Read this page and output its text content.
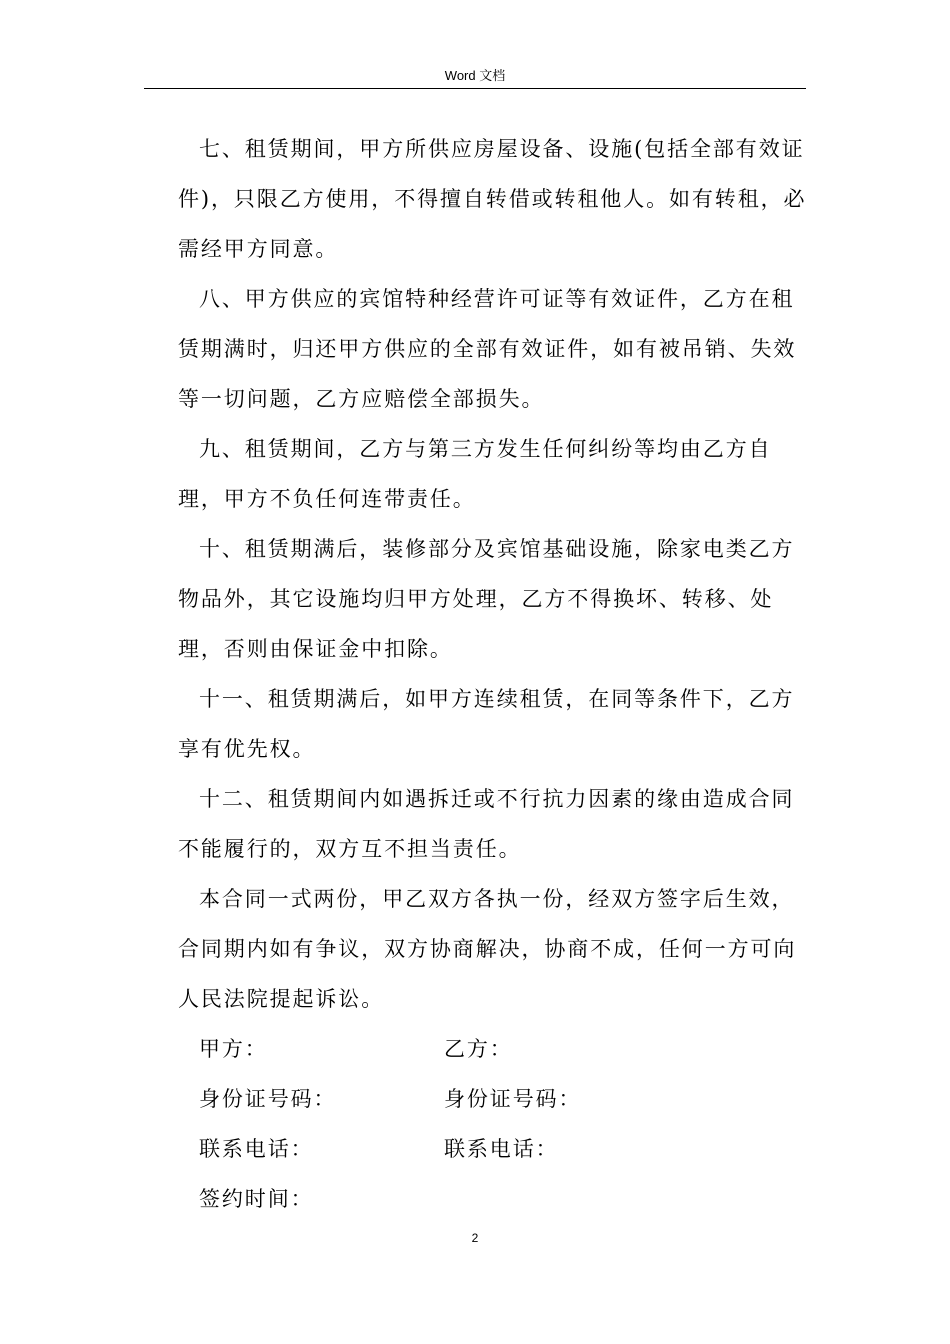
Word 文档

七、租赁期间，甲方所供应房屋设备、设施(包括全部有效证件)，只限乙方使用，不得擅自转借或转租他人。如有转租，必需经甲方同意。

八、甲方供应的宾馆特种经营许可证等有效证件，乙方在租赁期满时，归还甲方供应的全部有效证件，如有被吊销、失效等一切问题，乙方应赔偿全部损失。

九、租赁期间，乙方与第三方发生任何纠纷等均由乙方自理，甲方不负任何连带责任。

十、租赁期满后，装修部分及宾馆基础设施，除家电类乙方物品外，其它设施均归甲方处理，乙方不得换坏、转移、处理，否则由保证金中扣除。

十一、租赁期满后，如甲方连续租赁，在同等条件下，乙方享有优先权。

十二、租赁期间内如遇拆迁或不行抗力因素的缘由造成合同不能履行的，双方互不担当责任。

本合同一式两份，甲乙双方各执一份，经双方签字后生效，合同期内如有争议，双方协商解决，协商不成，任何一方可向人民法院提起诉讼。

甲方：	乙方：
身份证号码：	身份证号码：
联系电话：	联系电话：
签约时间：
2
